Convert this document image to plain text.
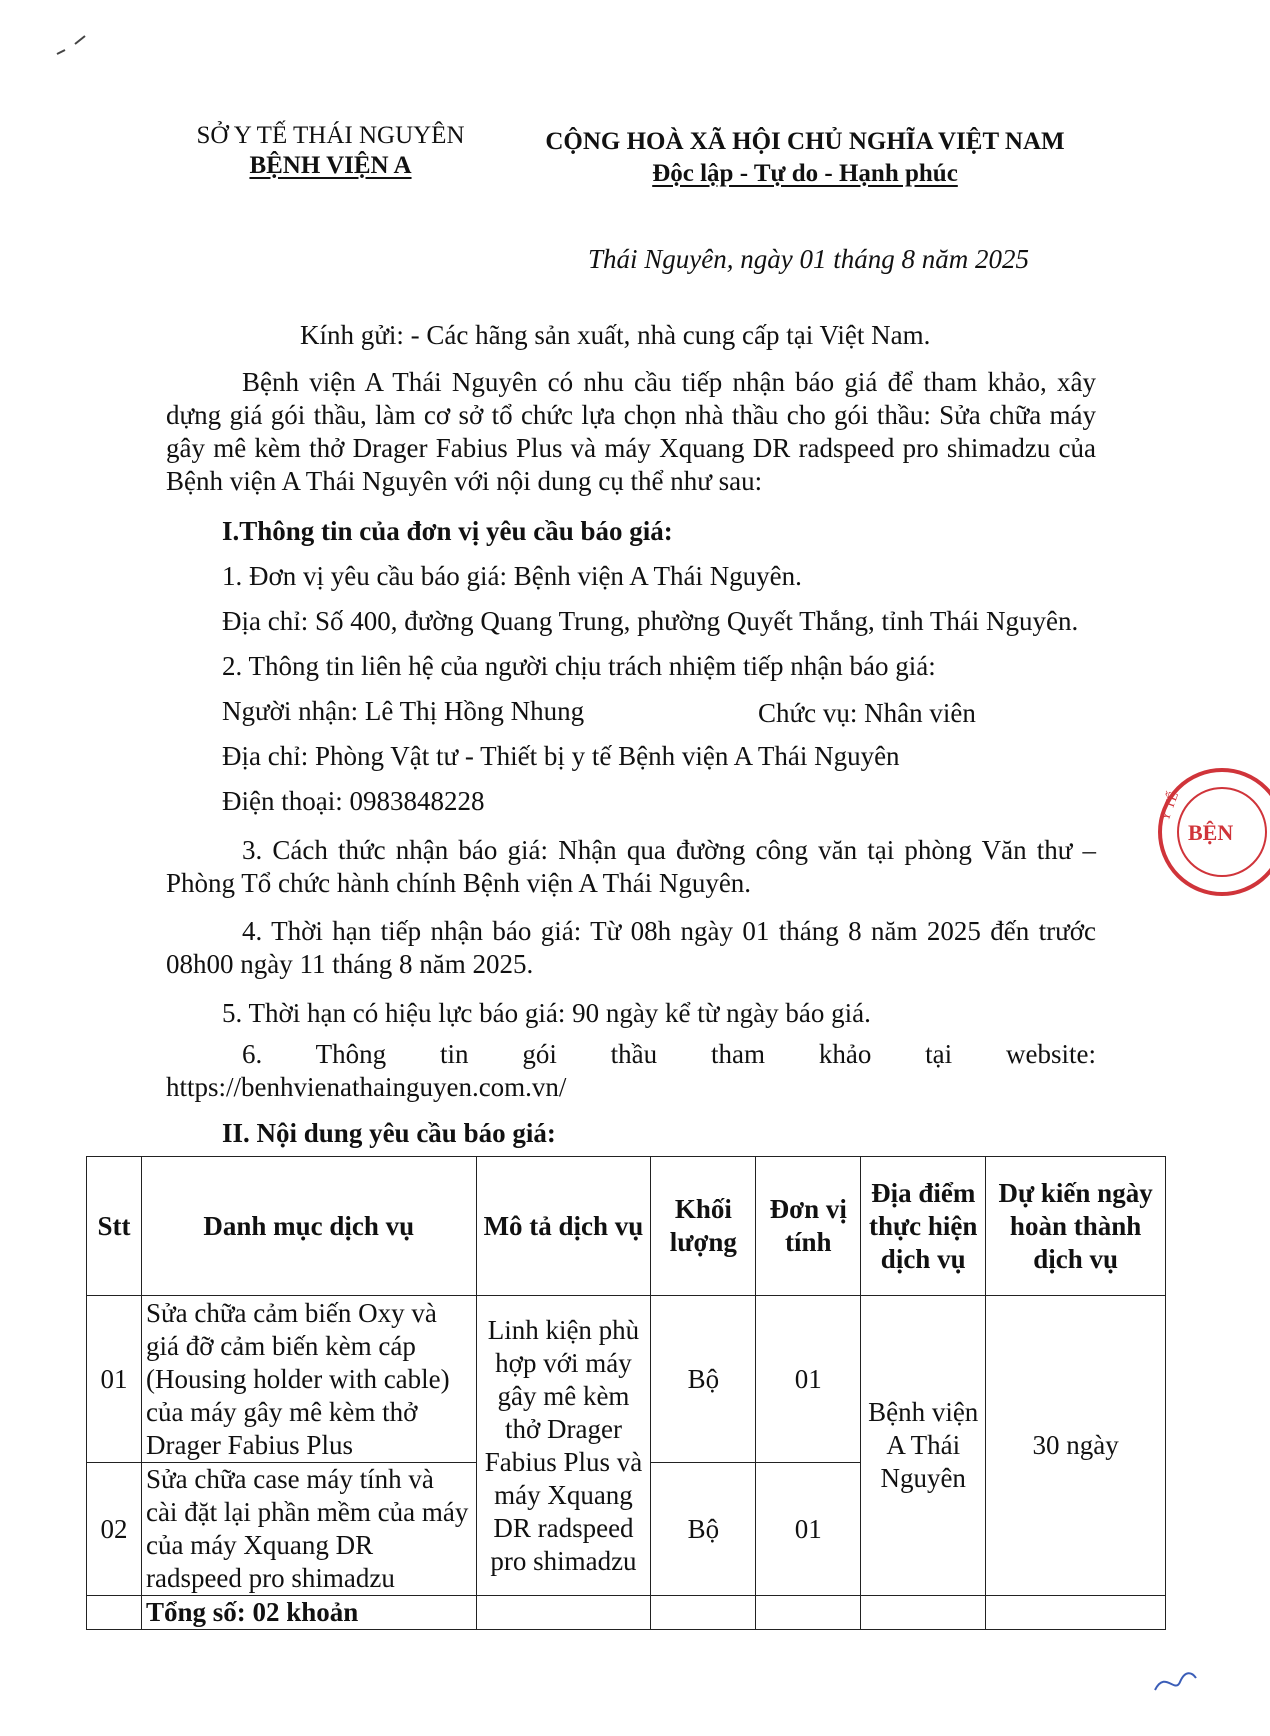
SỞ Y TẾ THÁI NGUYÊN
BỆNH VIỆN A
CỘNG HOÀ XÃ HỘI CHỦ NGHĨA VIỆT NAM
Độc lập - Tự do - Hạnh phúc
Thái Nguyên, ngày 01 tháng 8 năm 2025
Kính gửi: - Các hãng sản xuất, nhà cung cấp tại Việt Nam.
Bệnh viện A Thái Nguyên có nhu cầu tiếp nhận báo giá để tham khảo, xây dựng giá gói thầu, làm cơ sở tổ chức lựa chọn nhà thầu cho gói thầu: Sửa chữa máy gây mê kèm thở Drager Fabius Plus và máy Xquang DR radspeed pro shimadzu của Bệnh viện A Thái Nguyên với nội dung cụ thể như sau:
I.Thông tin của đơn vị yêu cầu báo giá:
1. Đơn vị yêu cầu báo giá: Bệnh viện A Thái Nguyên.
Địa chỉ: Số 400, đường Quang Trung, phường Quyết Thắng, tỉnh Thái Nguyên.
2. Thông tin liên hệ của người chịu trách nhiệm tiếp nhận báo giá:
Người nhận: Lê Thị Hồng Nhung	Chức vụ: Nhân viên
Địa chỉ: Phòng Vật tư - Thiết bị y tế Bệnh viện A Thái Nguyên
Điện thoại: 0983848228
3. Cách thức nhận báo giá: Nhận qua đường công văn tại phòng Văn thư – Phòng Tổ chức hành chính Bệnh viện A Thái Nguyên.
4. Thời hạn tiếp nhận báo giá: Từ 08h ngày 01 tháng 8 năm 2025 đến trước 08h00 ngày 11 tháng 8 năm 2025.
5. Thời hạn có hiệu lực báo giá: 90 ngày kể từ ngày báo giá.
6. Thông tin gói thầu tham khảo tại website: https://benhvienathainguyen.com.vn/
II. Nội dung yêu cầu báo giá:
Stt	Danh mục dịch vụ	Mô tả dịch vụ	Khối lượng	Đơn vị tính	Địa điểm thực hiện dịch vụ	Dự kiến ngày hoàn thành dịch vụ
01	Sửa chữa cảm biến Oxy và giá đỡ cảm biến kèm cáp (Housing holder with cable) của máy gây mê kèm thở Drager Fabius Plus	Linh kiện phù hợp với máy gây mê kèm thở Drager Fabius Plus và máy Xquang DR radspeed pro shimadzu	Bộ	01	Bệnh viện A Thái Nguyên	30 ngày
02	Sửa chữa case máy tính và cài đặt lại phần mềm của máy của máy Xquang DR radspeed pro shimadzu		Bộ	01		
	Tổng số: 02 khoản					
BỆN
Y TẾ
